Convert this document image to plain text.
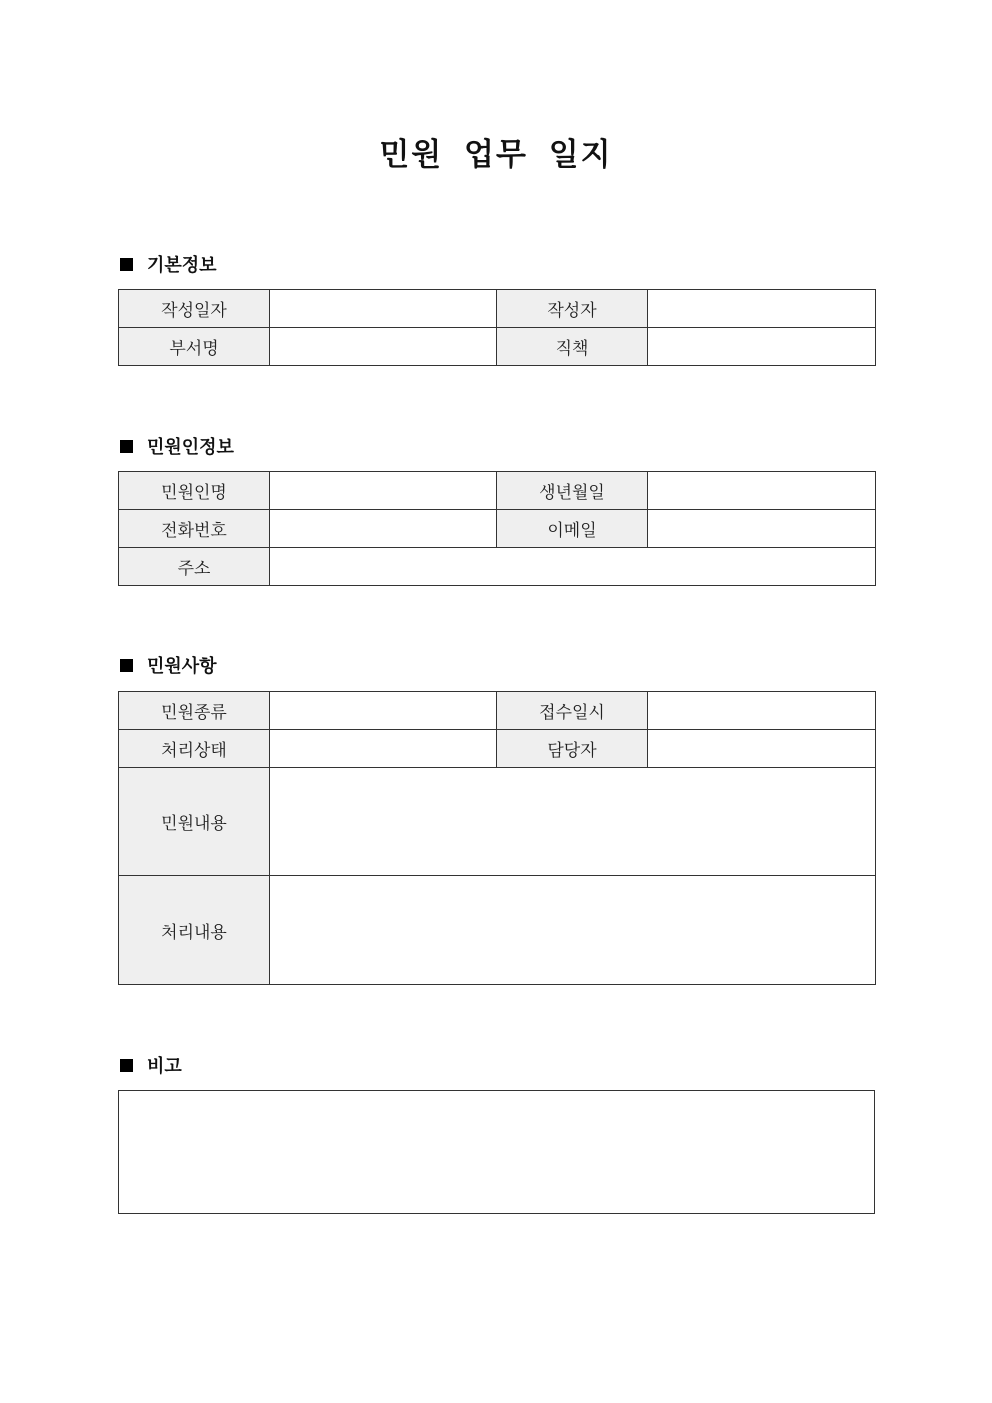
민원 업무 일지
기본정보
작성일자		작성자	
부서명		직책	
민원인정보
민원인명		생년월일	
전화번호		이메일	
주소			
민원사항
민원종류		접수일시	
처리상태		담당자	
민원내용			
처리내용			
비고
